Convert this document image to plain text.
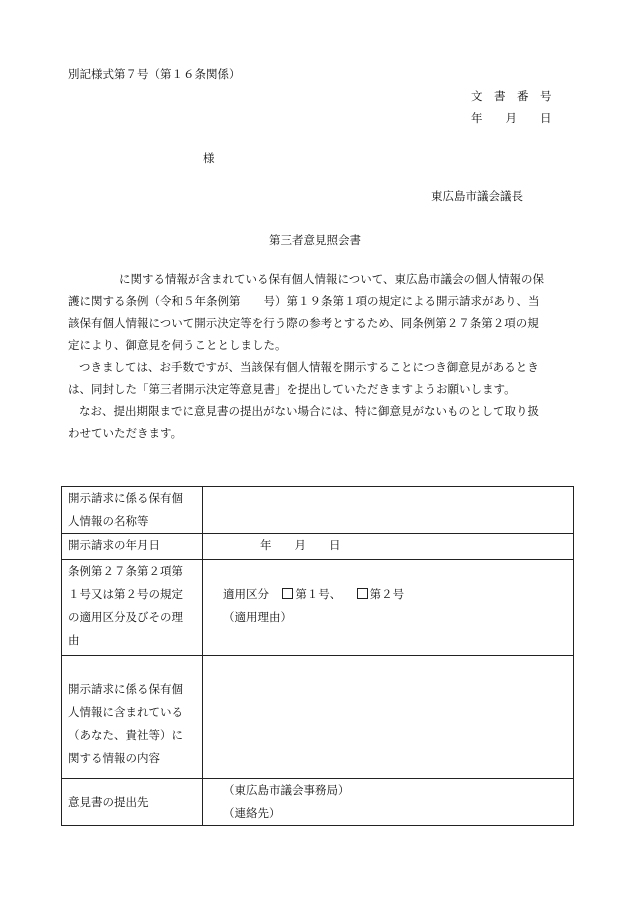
別記様式第７号（第１６条関係）
文　書　番　号
年　　月　　日
様
東広島市議会議長
第三者意見照会書
に関する情報が含まれている保有個人情報について、東広島市議会の個人情報の保
護に関する条例（令和５年条例第　　号）第１９条第１項の規定による開示請求があり、当
該保有個人情報について開示決定等を行う際の参考とするため、同条例第２７条第２項の規
定により、御意見を伺うこととしました。
つきましては、お手数ですが、当該保有個人情報を開示することにつき御意見があるとき
は、同封した「第三者開示決定等意見書」を提出していただきますようお願いします。
なお、提出期限までに意見書の提出がない場合には、特に御意見がないものとして取り扱
わせていただきます。
開示請求に係る保有個
人情報の名称等	

開示請求の年月日	年　　月　　日

条例第２７条第２項第
１号又は第２号の規定
の適用区分及びその理
由	適用区分 第１号、 第２号
（適用理由）

開示請求に係る保有個
人情報に含まれている
（あなた、貴社等）に
関する情報の内容	

意見書の提出先	（東広島市議会事務局）
（連絡先）
